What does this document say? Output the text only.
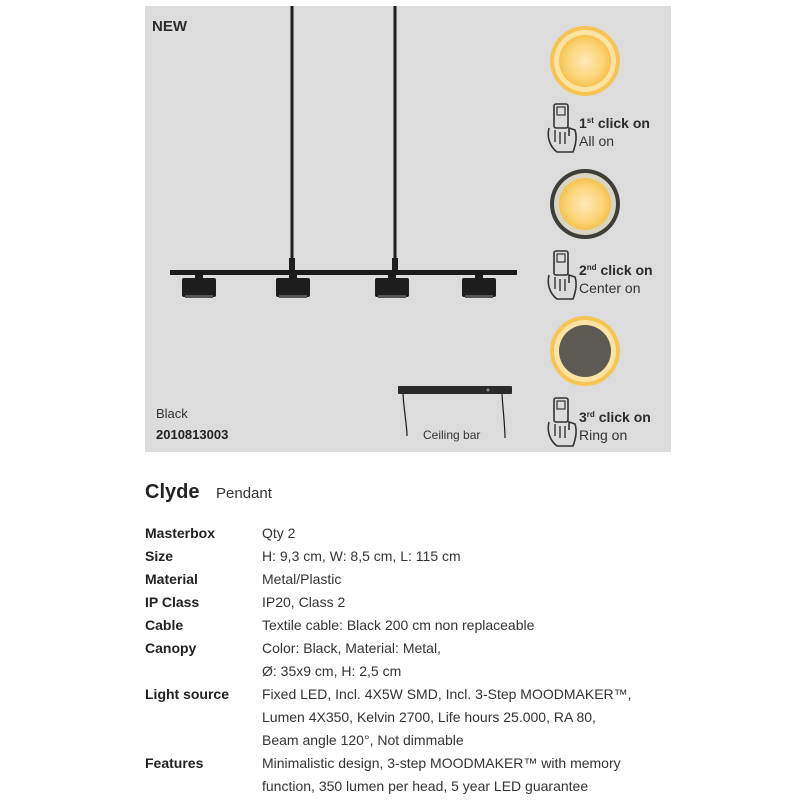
NEW
Black
2010813003	Ceiling bar
1st click on
All on
2nd click on
Center on
3rd click on
Ring on
Clyde Pendant
Masterbox	Qty 2
Size	H: 9,3 cm, W: 8,5 cm, L: 115 cm
Material	Metal/Plastic
IP Class	IP20, Class 2
Cable	Textile cable: Black 200 cm non replaceable
Canopy	Color: Black, Material: Metal,
Ø: 35x9 cm, H: 2,5 cm
Light source	Fixed LED, Incl. 4X5W SMD, Incl. 3-Step MOODMAKER™,
Lumen 4X350, Kelvin 2700, Life hours 25.000, RA 80,
Beam angle 120°, Not dimmable
Features	Minimalistic design, 3-step MOODMAKER™ with memory
function, 350 lumen per head, 5 year LED guarantee
